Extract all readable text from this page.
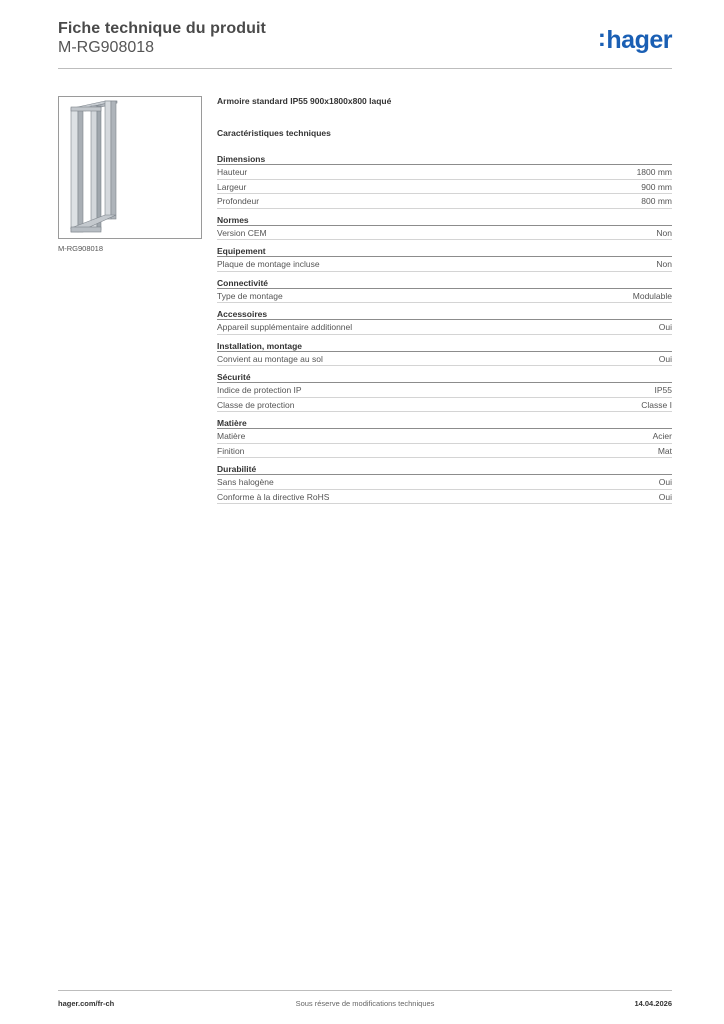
Fiche technique du produit
M-RG908018	:hager
M-RG908018
Armoire standard IP55 900x1800x800 laqué
Caractéristiques techniques
Dimensions
Hauteur	1800 mm
Largeur	900 mm
Profondeur	800 mm
Normes
Version CEM	Non
Equipement
Plaque de montage incluse	Non
Connectivité
Type de montage	Modulable
Accessoires
Appareil supplémentaire additionnel	Oui
Installation, montage
Convient au montage au sol	Oui
Sécurité
Indice de protection IP	IP55
Classe de protection	Classe I
Matière
Matière	Acier
Finition	Mat
Durabilité
Sans halogène	Oui
Conforme à la directive RoHS	Oui
hager.com/fr-ch	Sous réserve de modifications techniques	14.04.2026
